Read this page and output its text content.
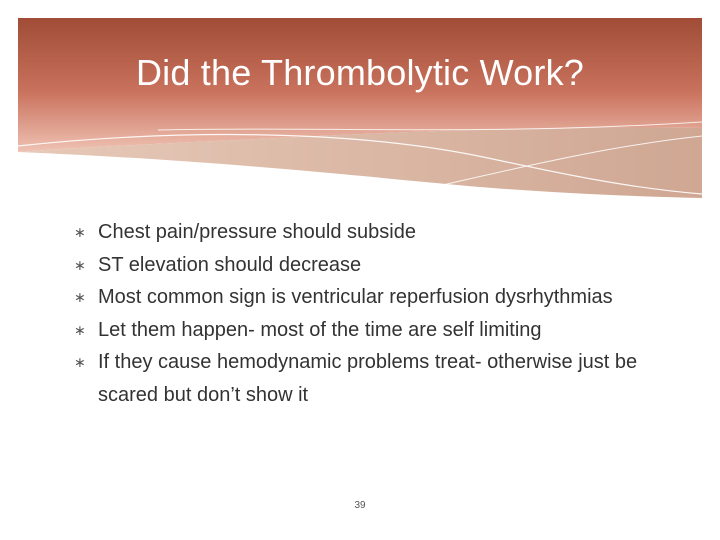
Did the Thrombolytic Work?
∗ Chest pain/pressure should subside
∗ ST elevation should decrease
∗ Most common sign is ventricular reperfusion dysrhythmias
∗ Let them happen- most of the time are self limiting
∗ If they cause hemodynamic problems treat- otherwise just be scared but don’t show it
39
